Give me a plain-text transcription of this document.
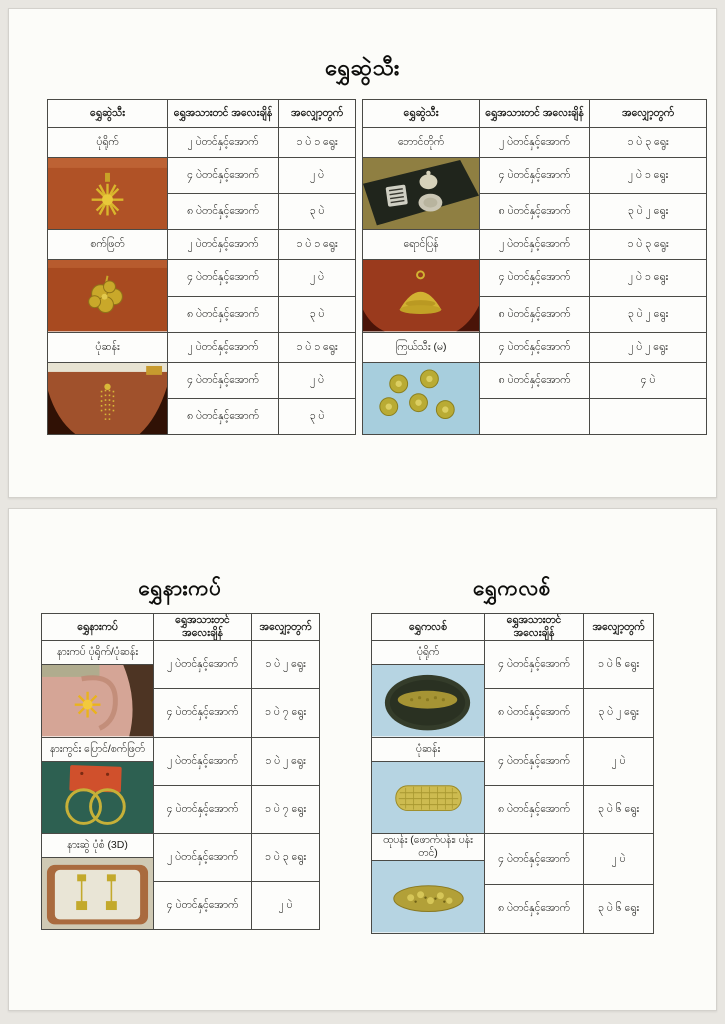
ရွှေဆွဲသီး
ရွှေဆွဲသီး	ရွှေအသားတင် အလေးချိန်	အလျှော့တွက်
ပုံရိုက်	၂ ပဲတင်နှင့်အောက်	၁ ပဲ ၁ ရွေး

	၄ ပဲတင်နှင့်အောက်	၂ ပဲ
	၈ ပဲတင်နှင့်အောက်	၃ ပဲ
စက်ဖြတ်	၂ ပဲတင်နှင့်အောက်	၁ ပဲ ၁ ရွေး

	၄ ပဲတင်နှင့်အောက်	၂ ပဲ
	၈ ပဲတင်နှင့်အောက်	၃ ပဲ
ပုံဆန်း	၂ ပဲတင်နှင့်အောက်	၁ ပဲ ၁ ရွေး

	၄ ပဲတင်နှင့်အောက်	၂ ပဲ
	၈ ပဲတင်နှင့်အောက်	၃ ပဲ
ရွှေဆွဲသီး	ရွှေအသားတင် အလေးချိန်	အလျှော့တွက်
ဘောင်တိုက်	၂ ပဲတင်နှင့်အောက်	၁ ပဲ ၃ ရွေး

	၄ ပဲတင်နှင့်အောက်	၂ ပဲ ၁ ရွေး
	၈ ပဲတင်နှင့်အောက်	၃ ပဲ ၂ ရွေး
ရောင်ပြန်	၂ ပဲတင်နှင့်အောက်	၁ ပဲ ၃ ရွေး

	၄ ပဲတင်နှင့်အောက်	၂ ပဲ ၁ ရွေး
	၈ ပဲတင်နှင့်အောက်	၃ ပဲ ၂ ရွေး
ကြယ်သီး (မ)	၄ ပဲတင်နှင့်အောက်	၂ ပဲ ၂ ရွေး

	၈ ပဲတင်နှင့်အောက်	၄ ပဲ

ရွှေနားကပ်	ရွှေကလစ်
ရွှေနားကပ်	ရွှေအသားတင် အလေးချိန်	အလျှော့တွက်
နားကပ် ပုံရိုက်/ပုံဆန်း	၂ ပဲတင်နှင့်အောက်	၁ ပဲ ၂ ရွေး

	၄ ပဲတင်နှင့်အောက်	၁ ပဲ ၇ ရွေး
နားကွင်း ပြောင်/စက်ဖြတ်	၂ ပဲတင်နှင့်အောက်	၁ ပဲ ၂ ရွေး

	၄ ပဲတင်နှင့်အောက်	၁ ပဲ ၇ ရွေး
နားဆွဲ ပုံစံ (3D)	၂ ပဲတင်နှင့်အောက်	၁ ပဲ ၃ ရွေး

	၄ ပဲတင်နှင့်အောက်	၂ ပဲ
ရွှေကလစ်	ရွှေအသားတင် အလေးချိန်	အလျှော့တွက်
ပုံရိုက်	၄ ပဲတင်နှင့်အောက်	၁ ပဲ ၆ ရွေး

	၈ ပဲတင်နှင့်အောက်	၃ ပဲ ၂ ရွေး
ပုံဆန်း	၄ ပဲတင်နှင့်အောက်	၂ ပဲ

	၈ ပဲတင်နှင့်အောက်	၃ ပဲ ၆ ရွေး
ထုပန်း (ဖောက်ပန်း၊ ပန်းတင်)	၄ ပဲတင်နှင့်အောက်	၂ ပဲ

	၈ ပဲတင်နှင့်အောက်	၃ ပဲ ၆ ရွေး
